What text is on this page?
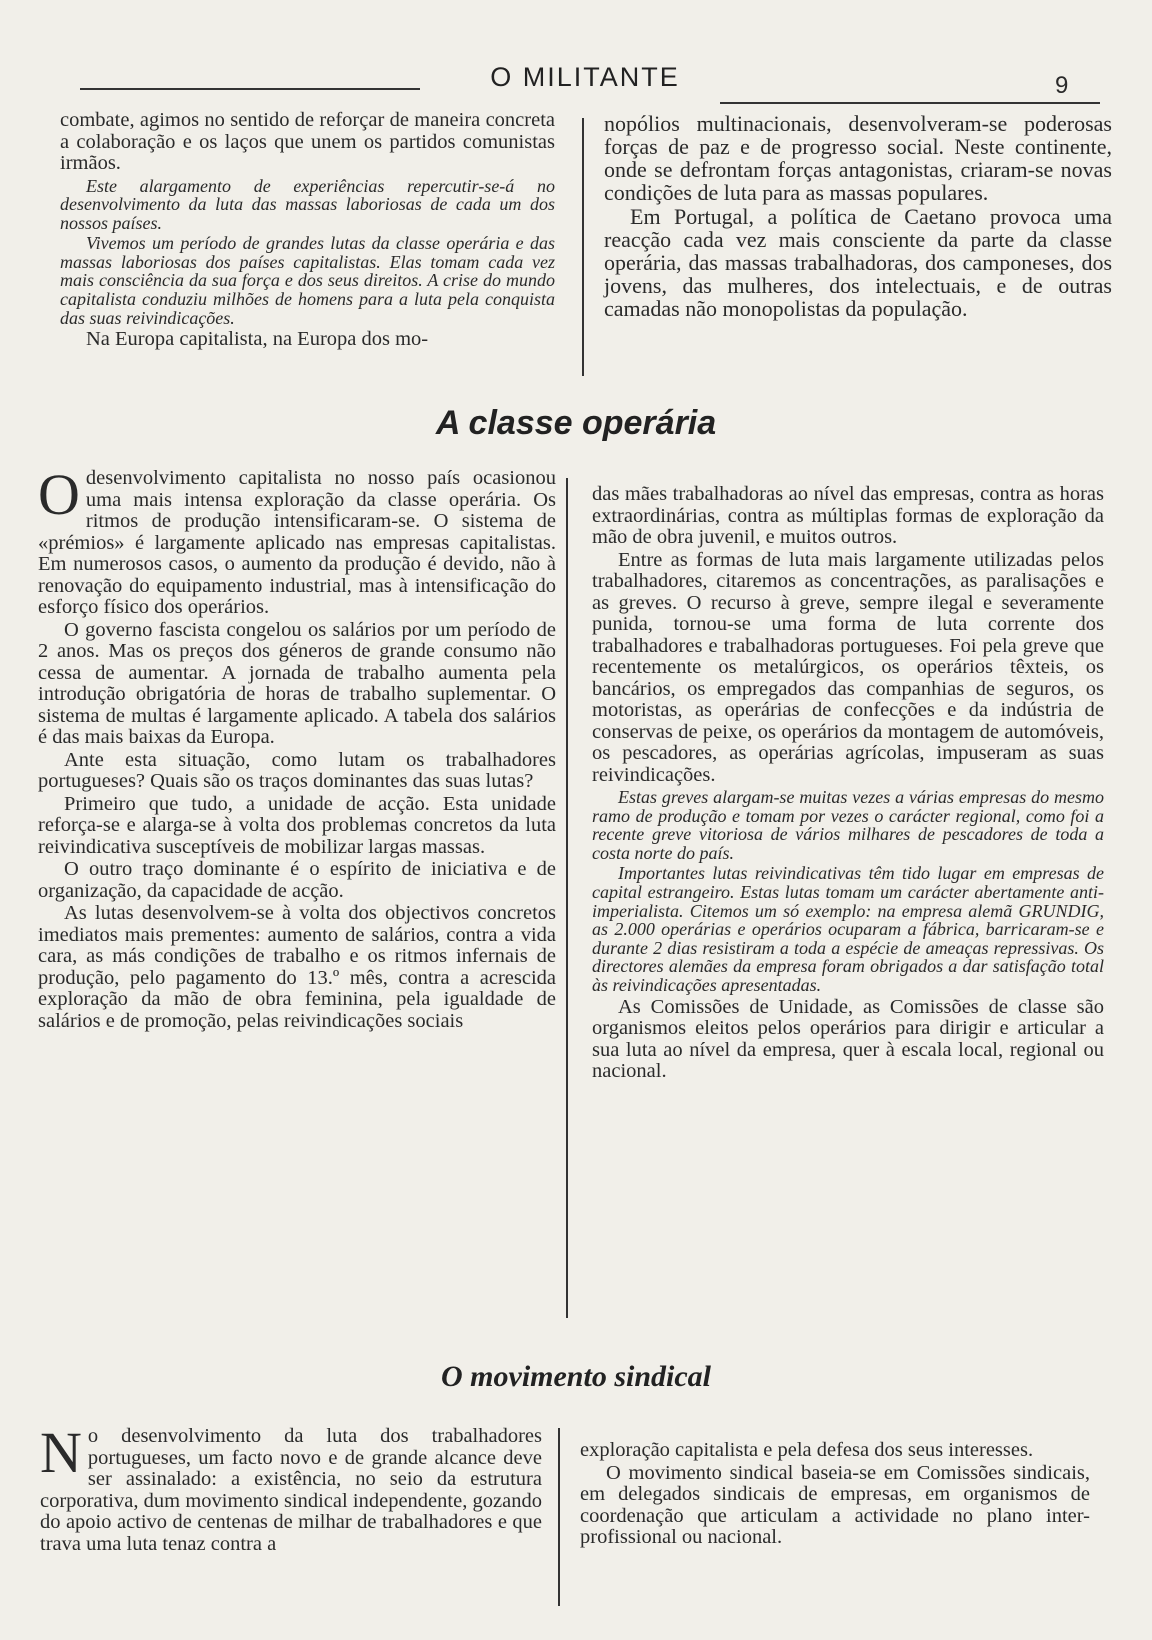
O MILITANTE	9

combate, agimos no sentido de reforçar de maneira concreta a colaboração e os laços que unem os partidos comunistas irmãos.

Este alargamento de experiências repercutir-se-á no desenvolvimento da luta das massas laboriosas de cada um dos nossos países.

Vivemos um período de grandes lutas da classe operária e das massas laboriosas dos países capitalistas. Elas tomam cada vez mais consciência da sua força e dos seus direitos. A crise do mundo capitalista conduziu milhões de homens para a luta pela conquista das suas reivindicações.

Na Europa capitalista, na Europa dos mo-

nopólios multinacionais, desenvolveram-se poderosas forças de paz e de progresso social. Neste continente, onde se defrontam forças antagonistas, criaram-se novas condições de luta para as massas populares.

Em Portugal, a política de Caetano provoca uma reacção cada vez mais consciente da parte da classe operária, das massas trabalhadoras, dos camponeses, dos jovens, das mulheres, dos intelectuais, e de outras camadas não monopolistas da população.

A classe operária

O desenvolvimento capitalista no nosso país ocasionou uma mais intensa exploração da classe operária. Os ritmos de produção intensificaram-se. O sistema de «prémios» é largamente aplicado nas empresas capitalistas. Em numerosos casos, o aumento da produção é devido, não à renovação do equipamento industrial, mas à intensificação do esforço físico dos operários.

O governo fascista congelou os salários por um período de 2 anos. Mas os preços dos géneros de grande consumo não cessa de aumentar. A jornada de trabalho aumenta pela introdução obrigatória de horas de trabalho suplementar. O sistema de multas é largamente aplicado. A tabela dos salários é das mais baixas da Europa.

Ante esta situação, como lutam os trabalhadores portugueses? Quais são os traços dominantes das suas lutas?

Primeiro que tudo, a unidade de acção. Esta unidade reforça-se e alarga-se à volta dos problemas concretos da luta reivindicativa susceptíveis de mobilizar largas massas.

O outro traço dominante é o espírito de iniciativa e de organização, da capacidade de acção.

As lutas desenvolvem-se à volta dos objectivos concretos imediatos mais prementes: aumento de salários, contra a vida cara, as más condições de trabalho e os ritmos infernais de produção, pelo pagamento do 13.º mês, contra a acrescida exploração da mão de obra feminina, pela igualdade de salários e de promoção, pelas reivindicações sociais

das mães trabalhadoras ao nível das empresas, contra as horas extraordinárias, contra as múltiplas formas de exploração da mão de obra juvenil, e muitos outros.

Entre as formas de luta mais largamente utilizadas pelos trabalhadores, citaremos as concentrações, as paralisações e as greves. O recurso à greve, sempre ilegal e severamente punida, tornou-se uma forma de luta corrente dos trabalhadores e trabalhadoras portugueses. Foi pela greve que recentemente os metalúrgicos, os operários têxteis, os bancários, os empregados das companhias de seguros, os motoristas, as operárias de confecções e da indústria de conservas de peixe, os operários da montagem de automóveis, os pescadores, as operárias agrícolas, impuseram as suas reivindicações.

Estas greves alargam-se muitas vezes a várias empresas do mesmo ramo de produção e tomam por vezes o carácter regional, como foi a recente greve vitoriosa de vários milhares de pescadores de toda a costa norte do país.

Importantes lutas reivindicativas têm tido lugar em empresas de capital estrangeiro. Estas lutas tomam um carácter abertamente anti-imperialista. Citemos um só exemplo: na empresa alemã GRUNDIG, as 2.000 operárias e operários ocuparam a fábrica, barricaram-se e durante 2 dias resistiram a toda a espécie de ameaças repressivas. Os directores alemães da empresa foram obrigados a dar satisfação total às reivindicações apresentadas.

As Comissões de Unidade, as Comissões de classe são organismos eleitos pelos operários para dirigir e articular a sua luta ao nível da empresa, quer à escala local, regional ou nacional.

O movimento sindical

N o desenvolvimento da luta dos trabalhadores portugueses, um facto novo e de grande alcance deve ser assinalado: a existência, no seio da estrutura corporativa, dum movimento sindical independente, gozando do apoio activo de centenas de milhar de trabalhadores e que trava uma luta tenaz contra a

exploração capitalista e pela defesa dos seus interesses.

O movimento sindical baseia-se em Comissões sindicais, em delegados sindicais de empresas, em organismos de coordenação que articulam a actividade no plano inter-profissional ou nacional.
